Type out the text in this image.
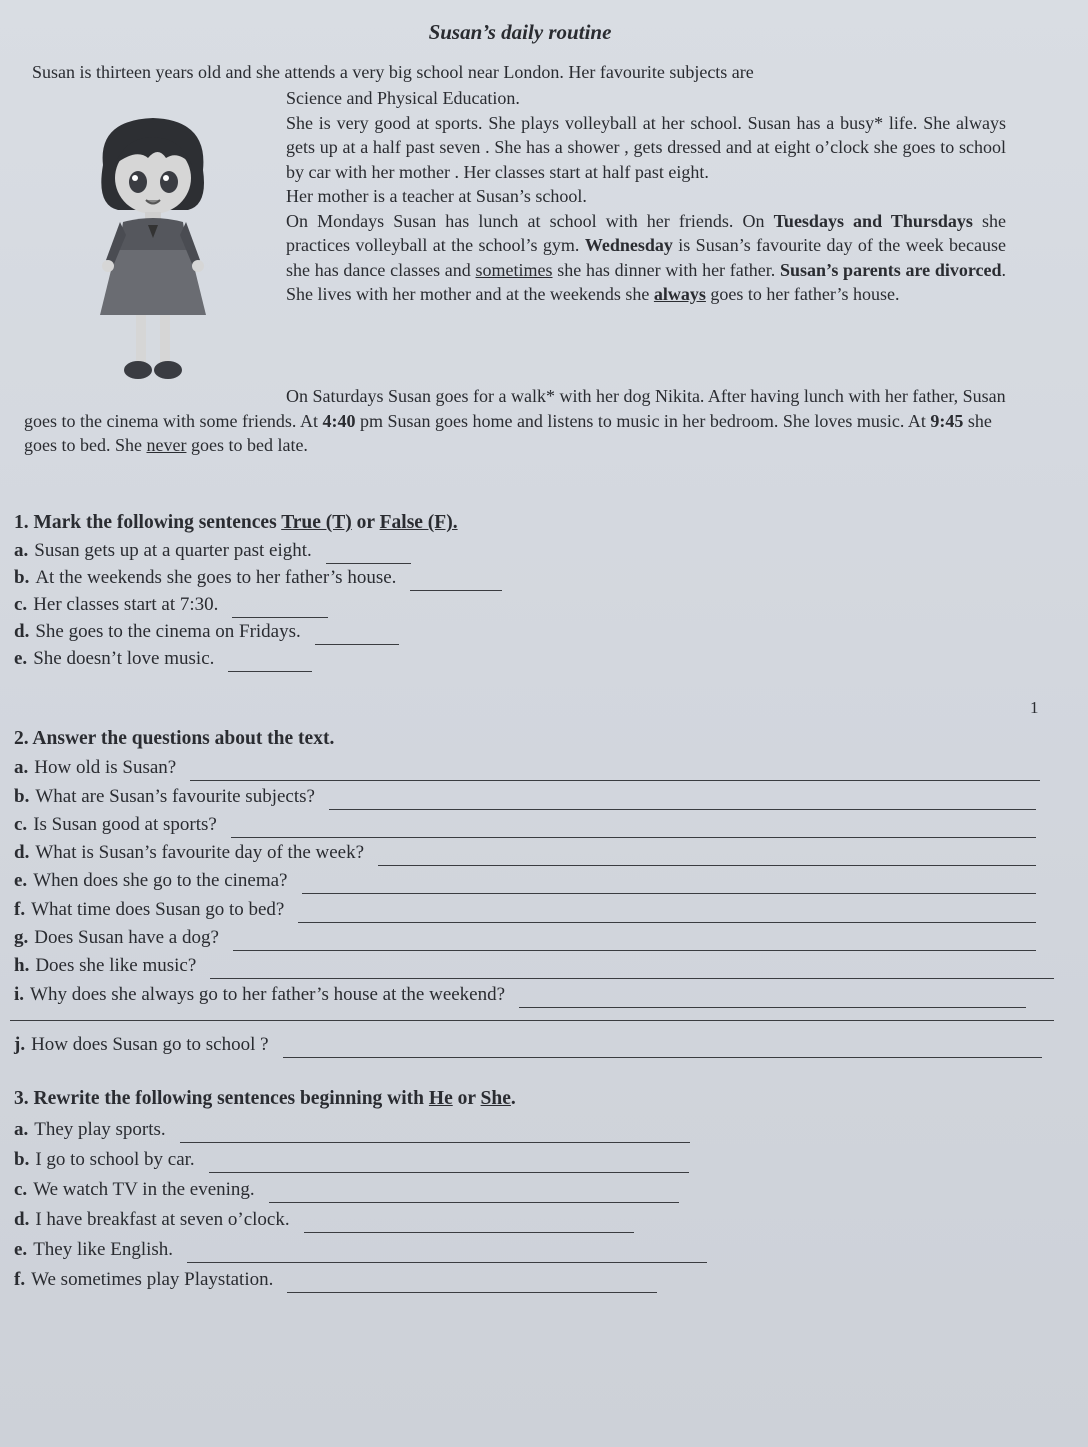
Susan’s daily routine
Susan is thirteen years old and she attends a very big school near London. Her favourite subjects are
Science and Physical Education.
She is very good at sports. She plays volleyball at her school. Susan has a busy* life. She always gets up at a half past seven . She has a shower , gets dressed and at eight o’clock she goes to school by car with her mother . Her classes start at half past eight.
Her mother is a teacher at Susan’s school.
On Mondays Susan has lunch at school with her friends. On Tuesdays and Thursdays she practices volleyball at the school’s gym. Wednesday is Susan’s favourite day of the week because she has dance classes and sometimes she has dinner with her father. Susan’s parents are divorced. She lives with her mother and at the weekends she always goes to her father’s house.
On Saturdays Susan goes for a walk* with her dog Nikita. After having lunch with her father, Susan goes to the cinema with some friends. At 4:40 pm Susan goes home and listens to music in her bedroom. She loves music. At 9:45 she goes to bed. She never goes to bed late.
1. Mark the following sentences True (T) or False (F).
a. Susan gets up at a quarter past eight.
b. At the weekends she goes to her father’s house.
c. Her classes start at 7:30.
d. She goes to the cinema on Fridays.
e. She doesn’t love music.
1
2. Answer the questions about the text.
a. How old is Susan?
b. What are Susan’s favourite subjects?
c. Is Susan good at sports?
d. What is Susan’s favourite day of the week?
e. When does she go to the cinema?
f. What time does Susan go to bed?
g. Does Susan have a dog?
h. Does she like music?
i. Why does she always go to her father’s house at the weekend?
j. How does Susan go to school ?
3. Rewrite the following sentences beginning with He or She.
a. They play sports.
b. I go to school by car.
c. We watch TV in the evening.
d. I have breakfast at seven o’clock.
e. They like English.
f. We sometimes play Playstation.
